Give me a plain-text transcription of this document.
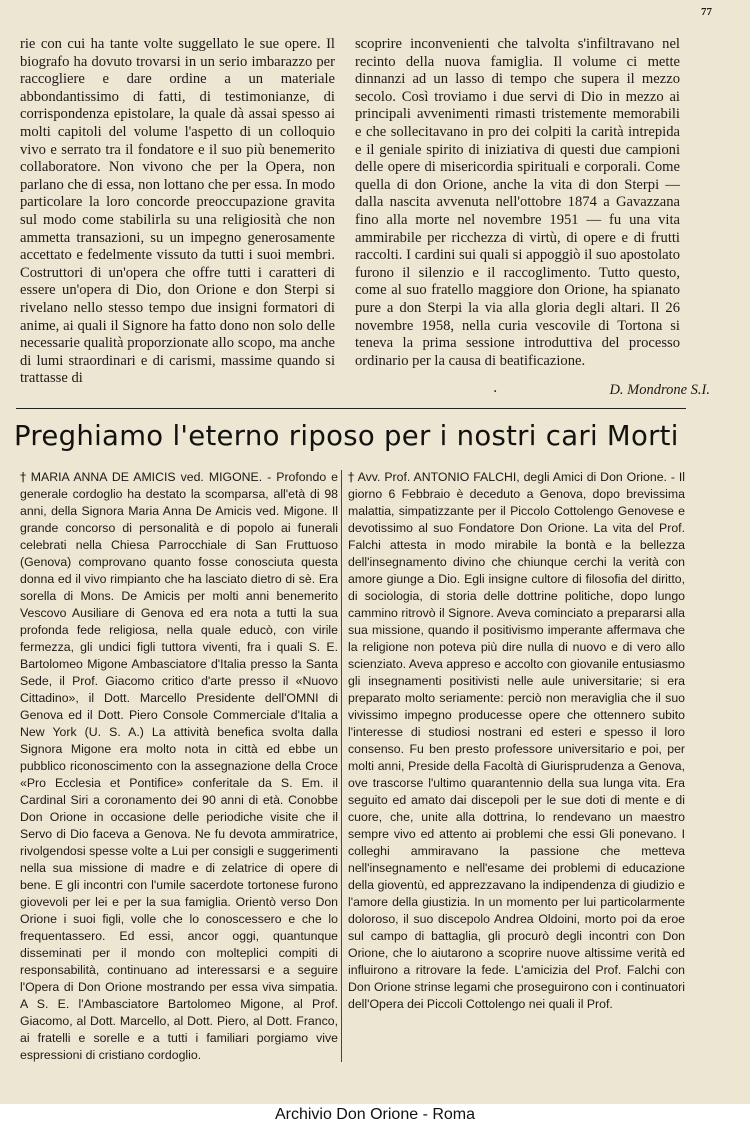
77

rie con cui ha tante volte suggellato le sue opere. Il biografo ha dovuto trovarsi in un serio imbarazzo per raccogliere e dare ordine a un materiale abbondantissimo di fatti, di testimonianze, di corrispondenza epistolare, la quale dà assai spesso ai molti capitoli del volume l'aspetto di un colloquio vivo e serrato tra il fondatore e il suo più benemerito collaboratore. Non vivono che per la Opera, non parlano che di essa, non lottano che per essa. In modo particolare la loro concorde preoccupazione gravita sul modo come stabilirla su una religiosità che non ammetta transazioni, su un impegno generosamente accettato e fedelmente vissuto da tutti i suoi membri. Costruttori di un'opera che offre tutti i caratteri di essere un'opera di Dio, don Orione e don Sterpi si rivelano nello stesso tempo due insigni formatori di anime, ai quali il Signore ha fatto dono non solo delle necessarie qualità proporzionate allo scopo, ma anche di lumi straordinari e di carismi, massime quando si trattasse di

scoprire inconvenienti che talvolta s'infiltravano nel recinto della nuova famiglia. Il volume ci mette dinnanzi ad un lasso di tempo che supera il mezzo secolo. Così troviamo i due servi di Dio in mezzo ai principali avvenimenti rimasti tristemente memorabili e che sollecitavano in pro dei colpiti la carità intrepida e il geniale spirito di iniziativa di questi due campioni delle opere di misericordia spirituali e corporali. Come quella di don Orione, anche la vita di don Sterpi — dalla nascita avvenuta nell'ottobre 1874 a Gavazzana fino alla morte nel novembre 1951 — fu una vita ammirabile per ricchezza di virtù, di opere e di frutti raccolti. I cardini sui quali si appoggiò il suo apostolato furono il silenzio e il raccoglimento. Tutto questo, come al suo fratello maggiore don Orione, ha spianato pure a don Sterpi la via alla gloria degli altari. Il 26 novembre 1958, nella curia vescovile di Tortona si teneva la prima sessione introduttiva del processo ordinario per la causa di beatificazione.

·	D. Mondrone S.I.
Preghiamo l'eterno riposo per i nostri cari Morti

† MARIA ANNA DE AMICIS ved. MIGONE. - Profondo e generale cordoglio ha destato la scomparsa, all'età di 98 anni, della Signora Maria Anna De Amicis ved. Migone. Il grande concorso di personalità e di popolo ai funerali celebrati nella Chiesa Parrocchiale di San Fruttuoso (Genova) comprovano quanto fosse conosciuta questa donna ed il vivo rimpianto che ha lasciato dietro di sè. Era sorella di Mons. De Amicis per molti anni benemerito Vescovo Ausiliare di Genova ed era nota a tutti la sua profonda fede religiosa, nella quale educò, con virile fermezza, gli undici figli tuttora viventi, fra i quali S. E. Bartolomeo Migone Ambasciatore d'Italia presso la Santa Sede, il Prof. Giacomo critico d'arte presso il «Nuovo Cittadino», il Dott. Marcello Presidente dell'OMNI di Genova ed il Dott. Piero Console Commerciale d'Italia a New York (U. S. A.) La attività benefica svolta dalla Signora Migone era molto nota in città ed ebbe un pubblico riconoscimento con la assegnazione della Croce «Pro Ecclesia et Pontifice» conferitale da S. Em. il Cardinal Siri a coronamento dei 90 anni di età. Conobbe Don Orione in occasione delle periodiche visite che il Servo di Dio faceva a Genova. Ne fu devota ammiratrice, rivolgendosi spesse volte a Lui per consigli e suggerimenti nella sua missione di madre e di zelatrice di opere di bene. E gli incontri con l'umile sacerdote tortonese furono giovevoli per lei e per la sua famiglia. Orientò verso Don Orione i suoi figli, volle che lo conoscessero e che lo frequentassero. Ed essi, ancor oggi, quantunque disseminati per il mondo con molteplici compiti di responsabilità, continuano ad interessarsi e a seguire l'Opera di Don Orione mostrando per essa viva simpatia. A S. E. l'Ambasciatore Bartolomeo Migone, al Prof. Giacomo, al Dott. Marcello, al Dott. Piero, al Dott. Franco, ai fratelli e sorelle e a tutti i familiari porgiamo vive espressioni di cristiano cordoglio.

† Avv. Prof. ANTONIO FALCHI, degli Amici di Don Orione. - Il giorno 6 Febbraio è deceduto a Genova, dopo brevissima malattia, simpatizzante per il Piccolo Cottolengo Genovese e devotissimo al suo Fondatore Don Orione. La vita del Prof. Falchi attesta in modo mirabile la bontà e la bellezza dell'insegnamento divino che chiunque cerchi la verità con amore giunge a Dio. Egli insigne cultore di filosofia del diritto, di sociologia, di storia delle dottrine politiche, dopo lungo cammino ritrovò il Signore. Aveva cominciato a prepararsi alla sua missione, quando il positivismo imperante affermava che la religione non poteva più dire nulla di nuovo e di vero allo scienziato. Aveva appreso e accolto con giovanile entusiasmo gli insegnamenti positivisti nelle aule universitarie; si era preparato molto seriamente: perciò non meraviglia che il suo vivissimo impegno producesse opere che ottennero subito l'interesse di studiosi nostrani ed esteri e spesso il loro consenso. Fu ben presto professore universitario e poi, per molti anni, Preside della Facoltà di Giurisprudenza a Genova, ove trascorse l'ultimo quarantennio della sua lunga vita. Era seguito ed amato dai discepoli per le sue doti di mente e di cuore, che, unite alla dottrina, lo rendevano un maestro sempre vivo ed attento ai problemi che essi Gli ponevano. I colleghi ammiravano la passione che metteva nell'insegnamento e nell'esame dei problemi di educazione della gioventù, ed apprezzavano la indipendenza di giudizio e l'amore della giustizia. In un momento per lui particolarmente doloroso, il suo discepolo Andrea Oldoini, morto poi da eroe sul campo di battaglia, gli procurò degli incontri con Don Orione, che lo aiutarono a scoprire nuove altissime verità ed influirono a ritrovare la fede. L'amicizia del Prof. Falchi con Don Orione strinse legami che proseguirono con i continuatori dell'Opera dei Piccoli Cottolengo nei quali il Prof.

Archivio Don Orione - Roma
